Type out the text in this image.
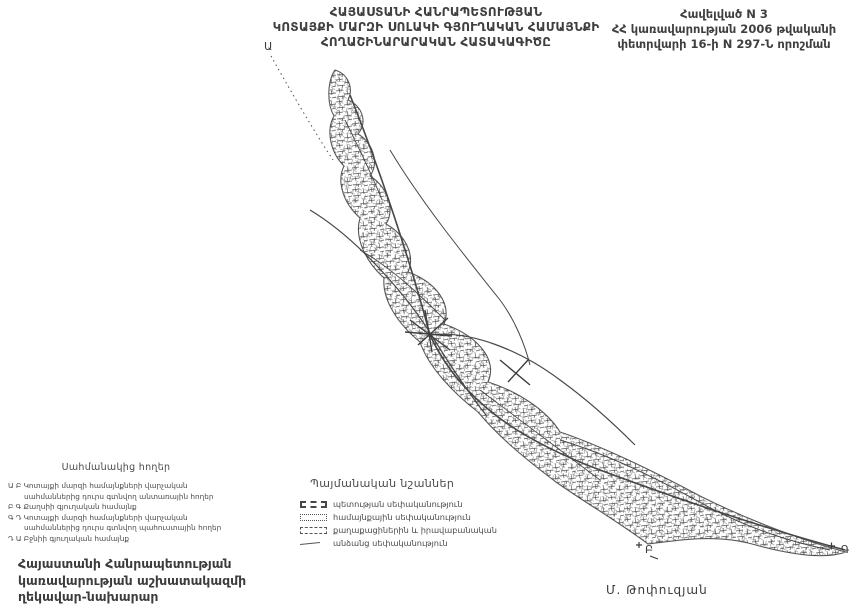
Ա
Բ	Գ
ՀԱՅԱՍՏԱՆԻ ՀԱՆՐԱՊԵՏՈՒԹՅԱՆ
ԿՈՏԱՅՔԻ ՄԱՐԶԻ ՍՈԼԱԿԻ ԳՅՈՒՂԱԿԱՆ ՀԱՄԱՅՆՔԻ
ՀՈՂԱՇԻՆԱՐԱՐԱԿԱՆ ՀԱՏԱԿԱԳԻԾԸ
Հավելված N 3
ՀՀ կառավարության 2006 թվականի
փետրվարի 16-ի N 297-Ն որոշման
Սահմանակից հողեր
Ա Բ Կոտայքի մարզի համայնքների վարչական
սահմաններից դուրս գտնվող անտառային հողեր
Բ Գ Քաղսիի գյուղական համայնք
Գ Դ Կոտայքի մարզի համայնքների վարչական
սահմաններից դուրս գտնվող պահուստային հողեր
Դ Ա Բջնիի գյուղական համայնք
Պայմանական նշաններ
պետության սեփականություն
համայնքային սեփականություն
քաղաքացիներին և իրավաբանական
անձանց սեփականություն
Հայաստանի Հանրապետության
կառավարության աշխատակազմի
ղեկավար-նախարար	Մ. Թոփուզյան
